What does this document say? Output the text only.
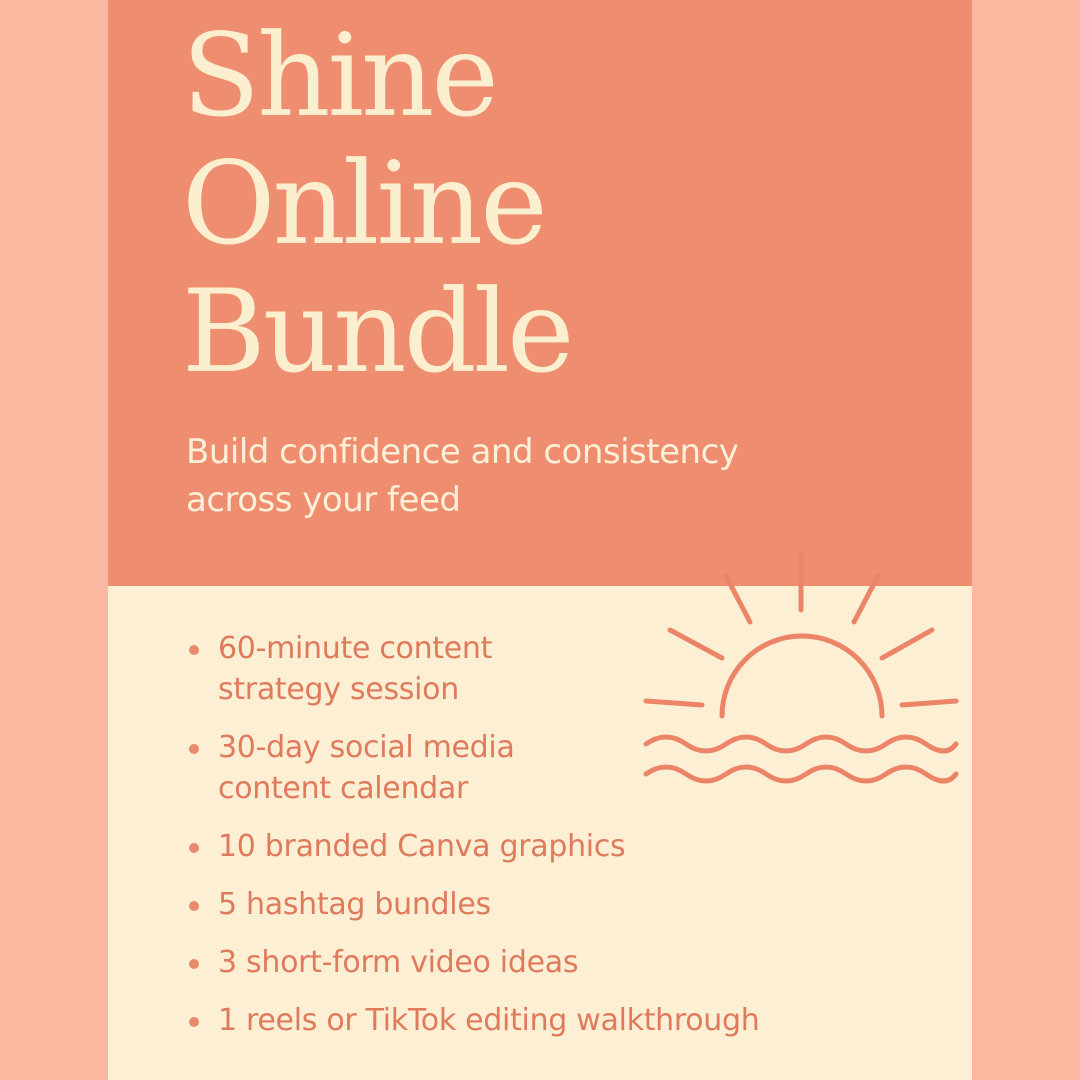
Shine
Online
Bundle

Build confidence and consistency across your feed

60-minute content strategy session
30-day social media content calendar
10 branded Canva graphics
5 hashtag bundles
3 short-form video ideas
1 reels or TikTok editing walkthrough
